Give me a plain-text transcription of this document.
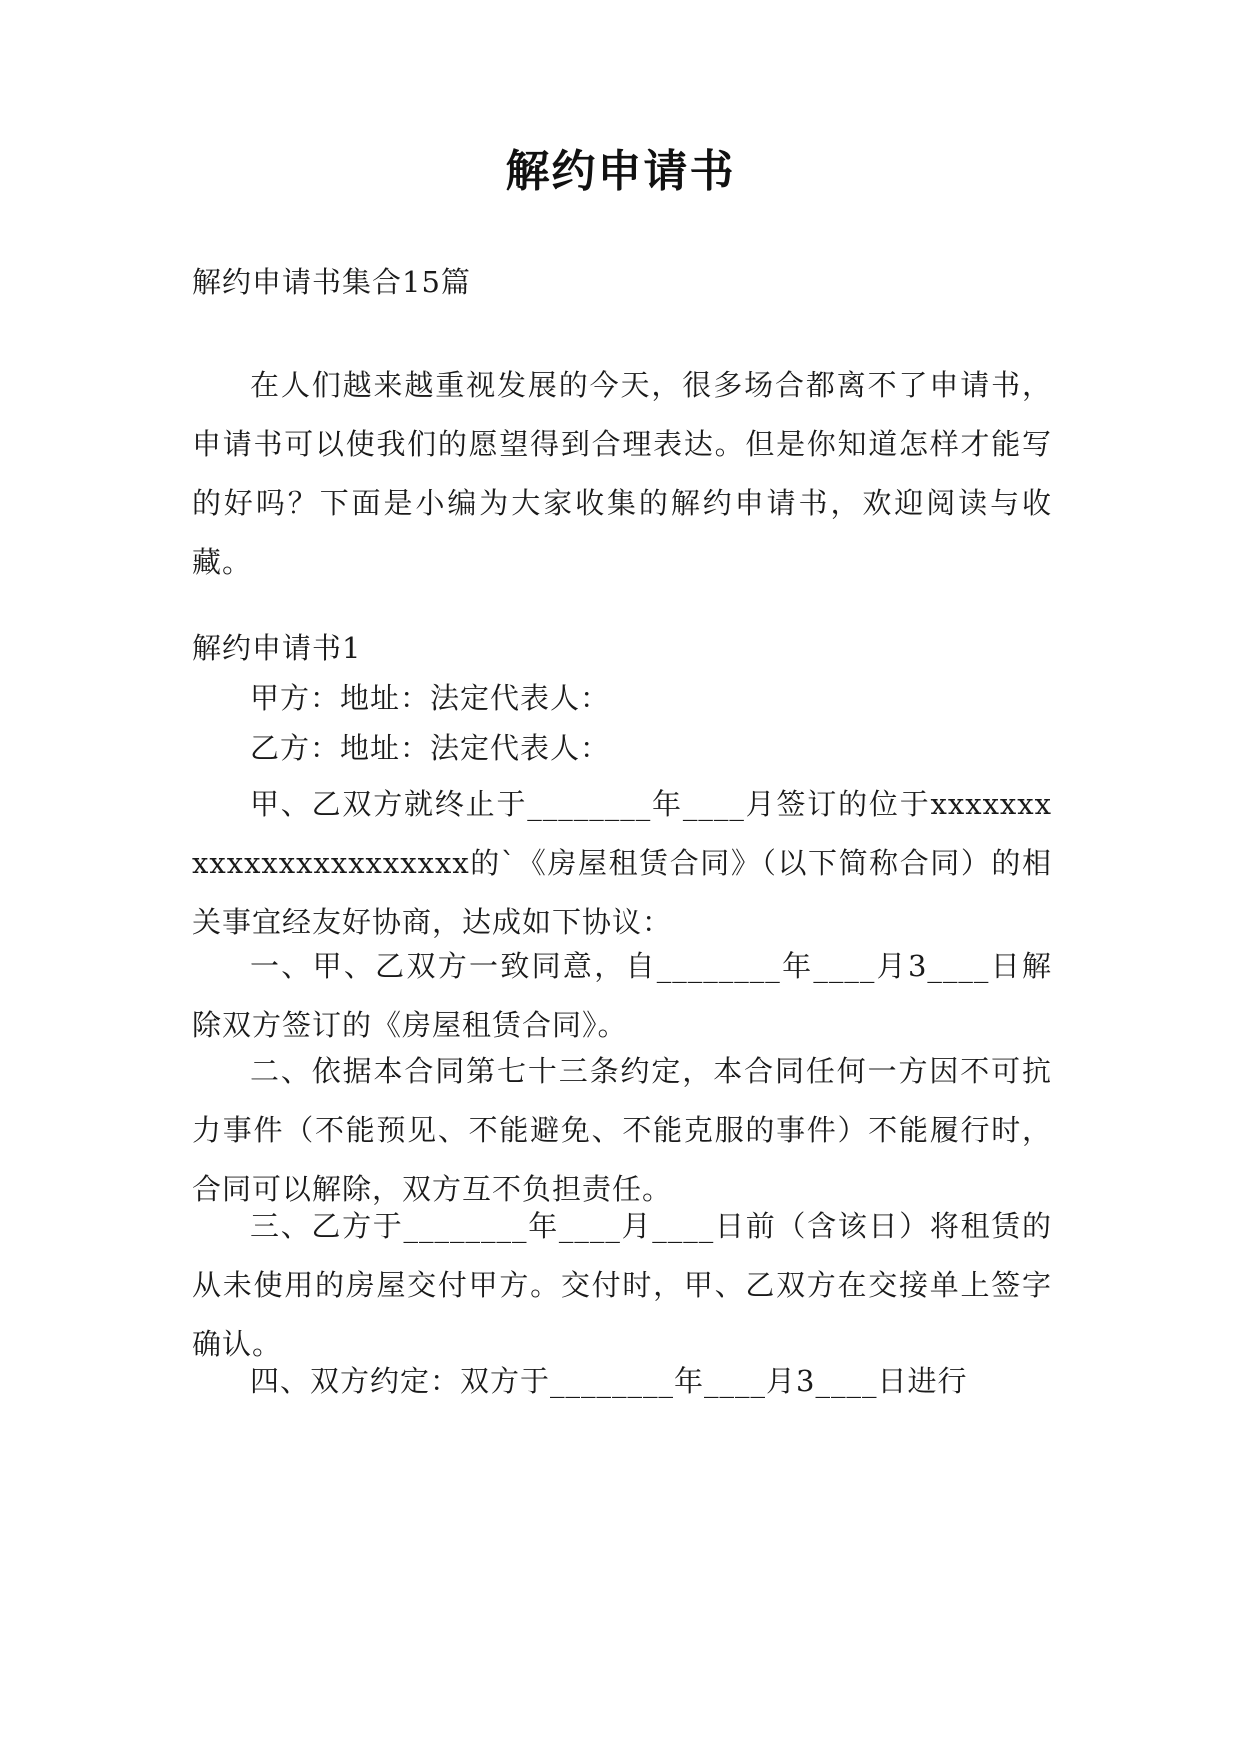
解约申请书

解约申请书集合15篇

在人们越来越重视发展的今天，很多场合都离不了申请书，申请书可以使我们的愿望得到合理表达。但是你知道怎样才能写的好吗？下面是小编为大家收集的解约申请书，欢迎阅读与收藏。

解约申请书1

甲方：地址：法定代表人：

乙方：地址：法定代表人：

甲、乙双方就终止于________年____月签订的位于xxxxxxxxxxxxxxxxxxxxxxx的`《房屋租赁合同》（以下简称合同）的相关事宜经友好协商，达成如下协议：

一、甲、乙双方一致同意，自________年____月3____日解除双方签订的《房屋租赁合同》。

二、依据本合同第七十三条约定，本合同任何一方因不可抗力事件（不能预见、不能避免、不能克服的事件）不能履行时，合同可以解除，双方互不负担责任。

三、乙方于________年____月____日前（含该日）将租赁的从未使用的房屋交付甲方。交付时，甲、乙双方在交接单上签字确认。

四、双方约定：双方于________年____月3____日进行
